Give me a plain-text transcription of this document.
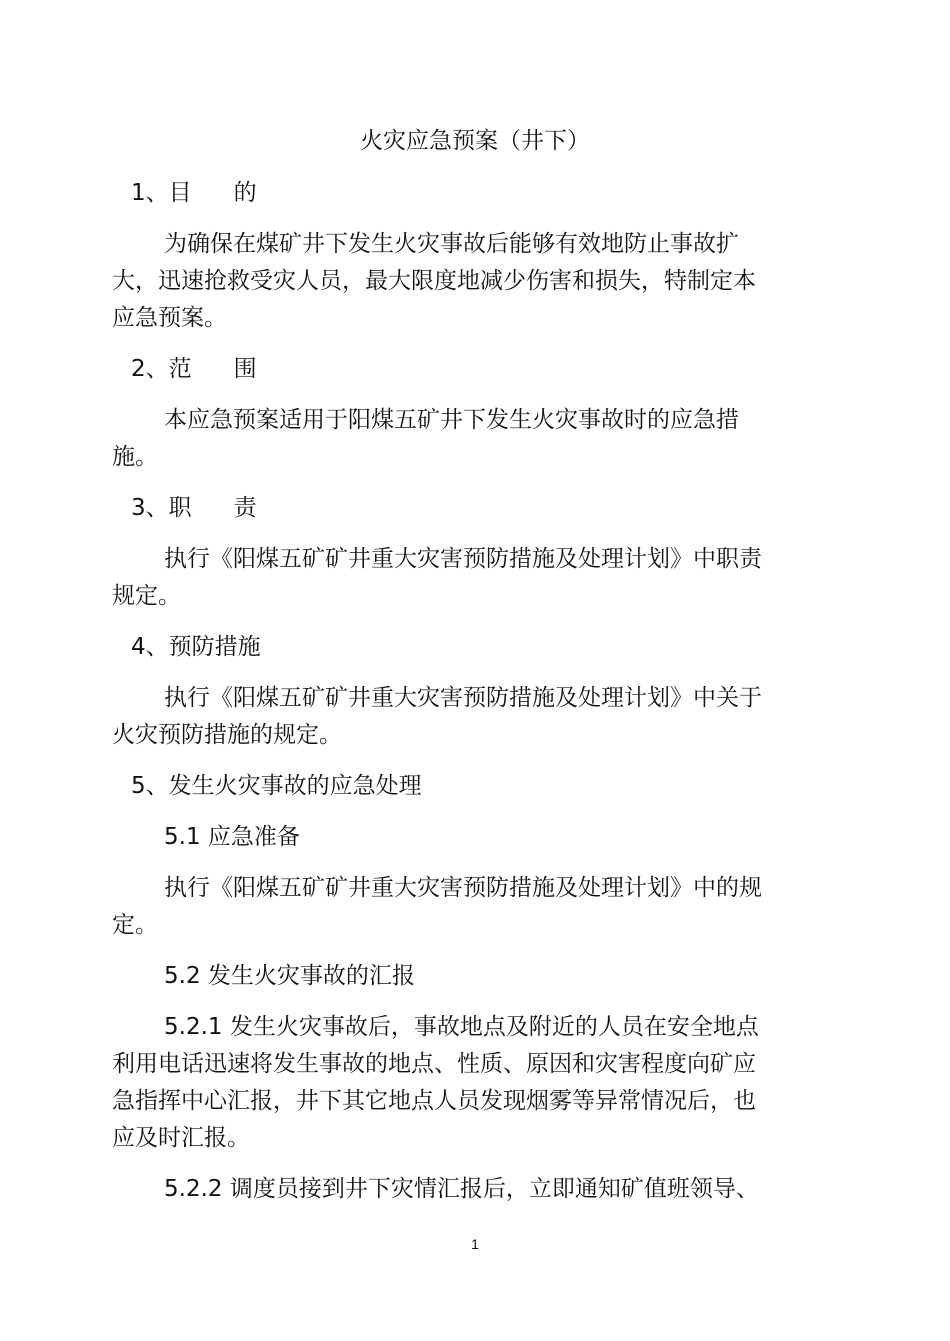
火灾应急预案（井下）
1、目 的
为确保在煤矿井下发生火灾事故后能够有效地防止事故扩
大，迅速抢救受灾人员，最大限度地减少伤害和损失，特制定本
应急预案。
2、范 围
本应急预案适用于阳煤五矿井下发生火灾事故时的应急措
施。
3、职 责
执行《阳煤五矿矿井重大灾害预防措施及处理计划》中职责
规定。
4、预防措施
执行《阳煤五矿矿井重大灾害预防措施及处理计划》中关于
火灾预防措施的规定。
5、发生火灾事故的应急处理
5.1 应急准备
执行《阳煤五矿矿井重大灾害预防措施及处理计划》中的规
定。
5.2 发生火灾事故的汇报
5.2.1 发生火灾事故后，事故地点及附近的人员在安全地点
利用电话迅速将发生事故的地点、性质、原因和灾害程度向矿应
急指挥中心汇报，井下其它地点人员发现烟雾等异常情况后，也
应及时汇报。
5.2.2 调度员接到井下灾情汇报后，立即通知矿值班领导、
1
